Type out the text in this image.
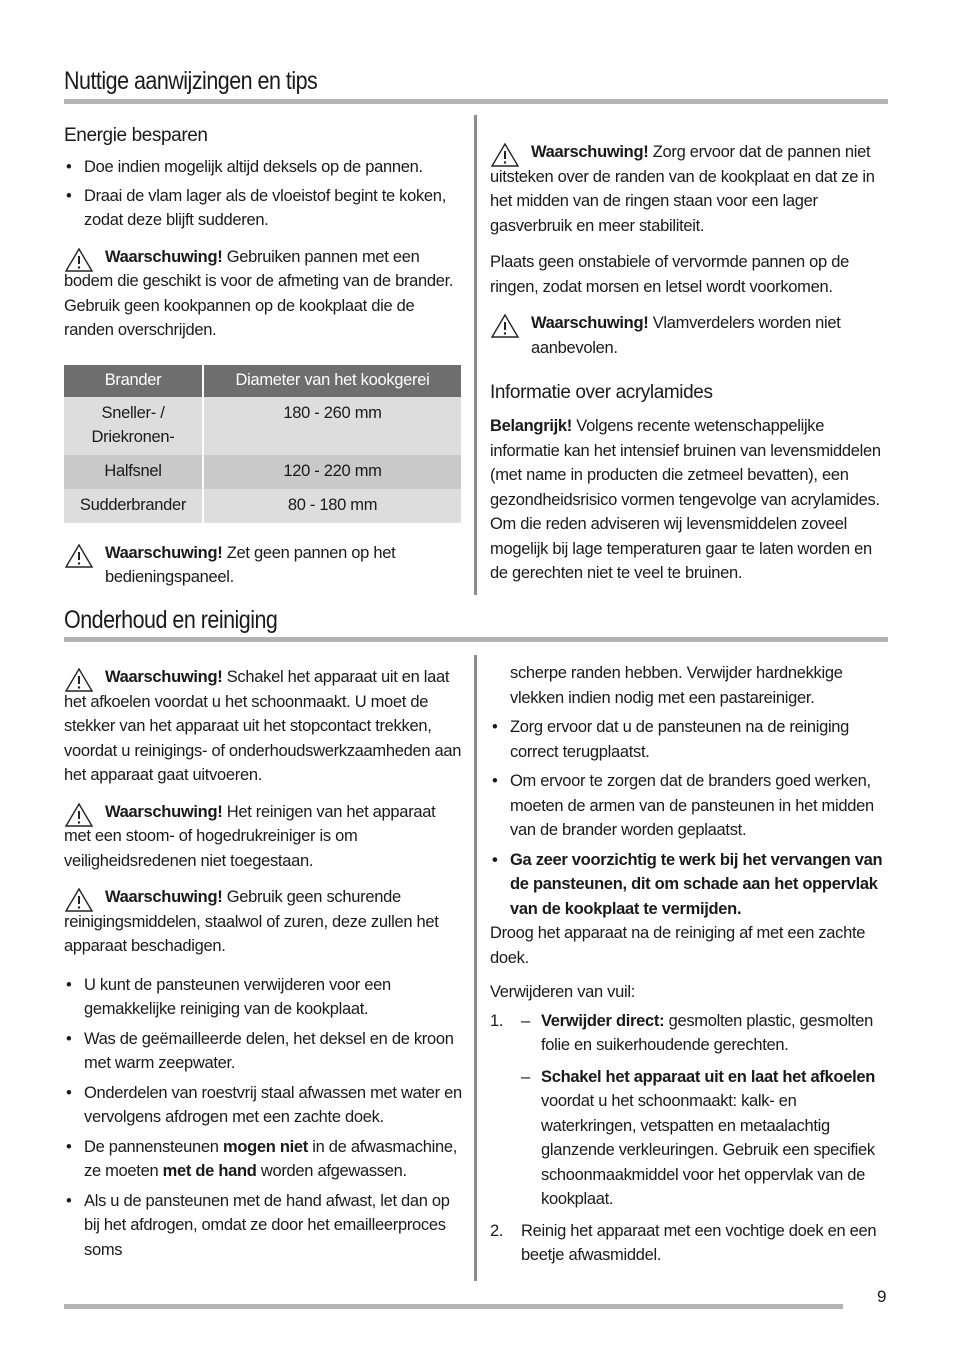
Nuttige aanwijzingen en tips

Energie besparen

• Doe indien mogelijk altijd deksels op de pannen.
• Draai de vlam lager als de vloeistof begint te koken, zodat deze blijft sudderen.

Waarschuwing! Gebruiken pannen met een bodem die geschikt is voor de afmeting van de brander. Gebruik geen kookpannen op de kookplaat die de randen overschrijden.

Brander	Diameter van het kookgerei
Sneller- / Driekronen-	180 - 260 mm
Halfsnel	120 - 220 mm
Sudderbrander	80 - 180 mm

Waarschuwing! Zet geen pannen op het bedieningspaneel.

Waarschuwing! Zorg ervoor dat de pannen niet uitsteken over de randen van de kookplaat en dat ze in het midden van de ringen staan voor een lager gasverbruik en meer stabiliteit.

Plaats geen onstabiele of vervormde pannen op de ringen, zodat morsen en letsel wordt voorkomen.

Waarschuwing! Vlamverdelers worden niet aanbevolen.

Informatie over acrylamides

Belangrijk! Volgens recente wetenschappelijke informatie kan het intensief bruinen van levensmiddelen (met name in producten die zetmeel bevatten), een gezondheidsrisico vormen tengevolge van acrylamides. Om die reden adviseren wij levensmiddelen zoveel mogelijk bij lage temperaturen gaar te laten worden en de gerechten niet te veel te bruinen.

Onderhoud en reiniging

Waarschuwing! Schakel het apparaat uit en laat het afkoelen voordat u het schoonmaakt. U moet de stekker van het apparaat uit het stopcontact trekken, voordat u reinigings- of onderhoudswerkzaamheden aan het apparaat gaat uitvoeren.

Waarschuwing! Het reinigen van het apparaat met een stoom- of hogedrukreiniger is om veiligheidsredenen niet toegestaan.

Waarschuwing! Gebruik geen schurende reinigingsmiddelen, staalwol of zuren, deze zullen het apparaat beschadigen.

• U kunt de pansteunen verwijderen voor een gemakkelijke reiniging van de kookplaat.
• Was de geëmailleerde delen, het deksel en de kroon met warm zeepwater.
• Onderdelen van roestvrij staal afwassen met water en vervolgens afdrogen met een zachte doek.
• De pannensteunen mogen niet in de afwasmachine, ze moeten met de hand worden afgewassen.
• Als u de pansteunen met de hand afwast, let dan op bij het afdrogen, omdat ze door het emailleerproces soms

scherpe randen hebben. Verwijder hardnekkige vlekken indien nodig met een pastareiniger.

• Zorg ervoor dat u de pansteunen na de reiniging correct terugplaatst.
• Om ervoor te zorgen dat de branders goed werken, moeten de armen van de pansteunen in het midden van de brander worden geplaatst.
• Ga zeer voorzichtig te werk bij het vervangen van de pansteunen, dit om schade aan het oppervlak van de kookplaat te vermijden.

Droog het apparaat na de reiniging af met een zachte doek.

Verwijderen van vuil:

1.	– Verwijder direct: gesmolten plastic, gesmolten folie en suikerhoudende gerechten.
– Schakel het apparaat uit en laat het afkoelen voordat u het schoonmaakt: kalk- en waterkringen, vetspatten en metaalachtig glanzende verkleuringen. Gebruik een specifiek schoonmaakmiddel voor het oppervlak van de kookplaat.
2. Reinig het apparaat met een vochtige doek en een beetje afwasmiddel.
9
